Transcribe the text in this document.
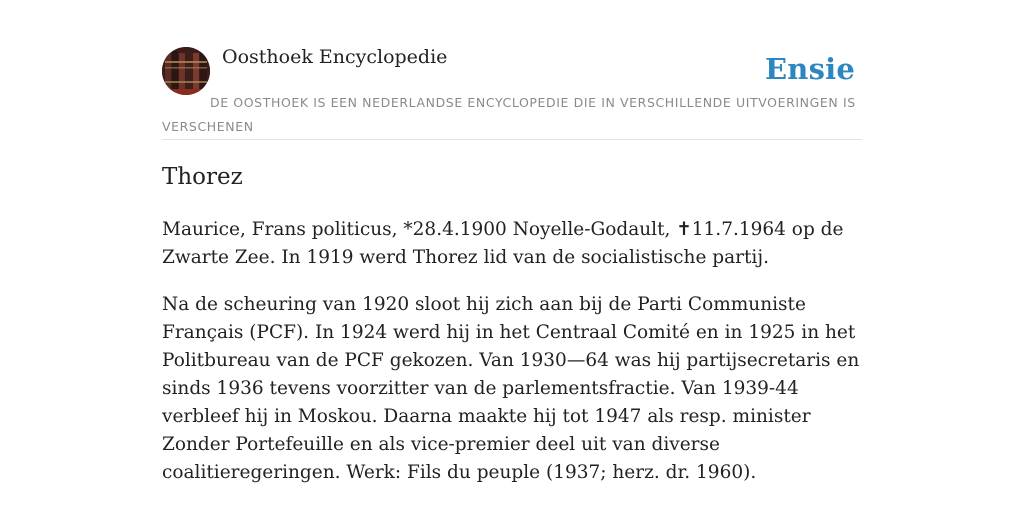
Oosthoek Encyclopedie	Ensie
DE OOSTHOEK IS EEN NEDERLANDSE ENCYCLOPEDIE DIE IN VERSCHILLENDE UITVOERINGEN IS VERSCHENEN
Thorez

Maurice, Frans politicus, *28.4.1900 Noyelle-Godault, ✝11.7.1964 op de Zwarte Zee. In 1919 werd Thorez lid van de socialistische partij.

Na de scheuring van 1920 sloot hij zich aan bij de Parti Communiste Français (PCF). In 1924 werd hij in het Centraal Comité en in 1925 in het Politbureau van de PCF gekozen. Van 1930—64 was hij partijsecretaris en sinds 1936 tevens voorzitter van de parlementsfractie. Van 1939-44 verbleef hij in Moskou. Daarna maakte hij tot 1947 als resp. minister Zonder Portefeuille en als vice-premier deel uit van diverse coalitieregeringen. Werk: Fils du peuple (1937; herz. dr. 1960).
